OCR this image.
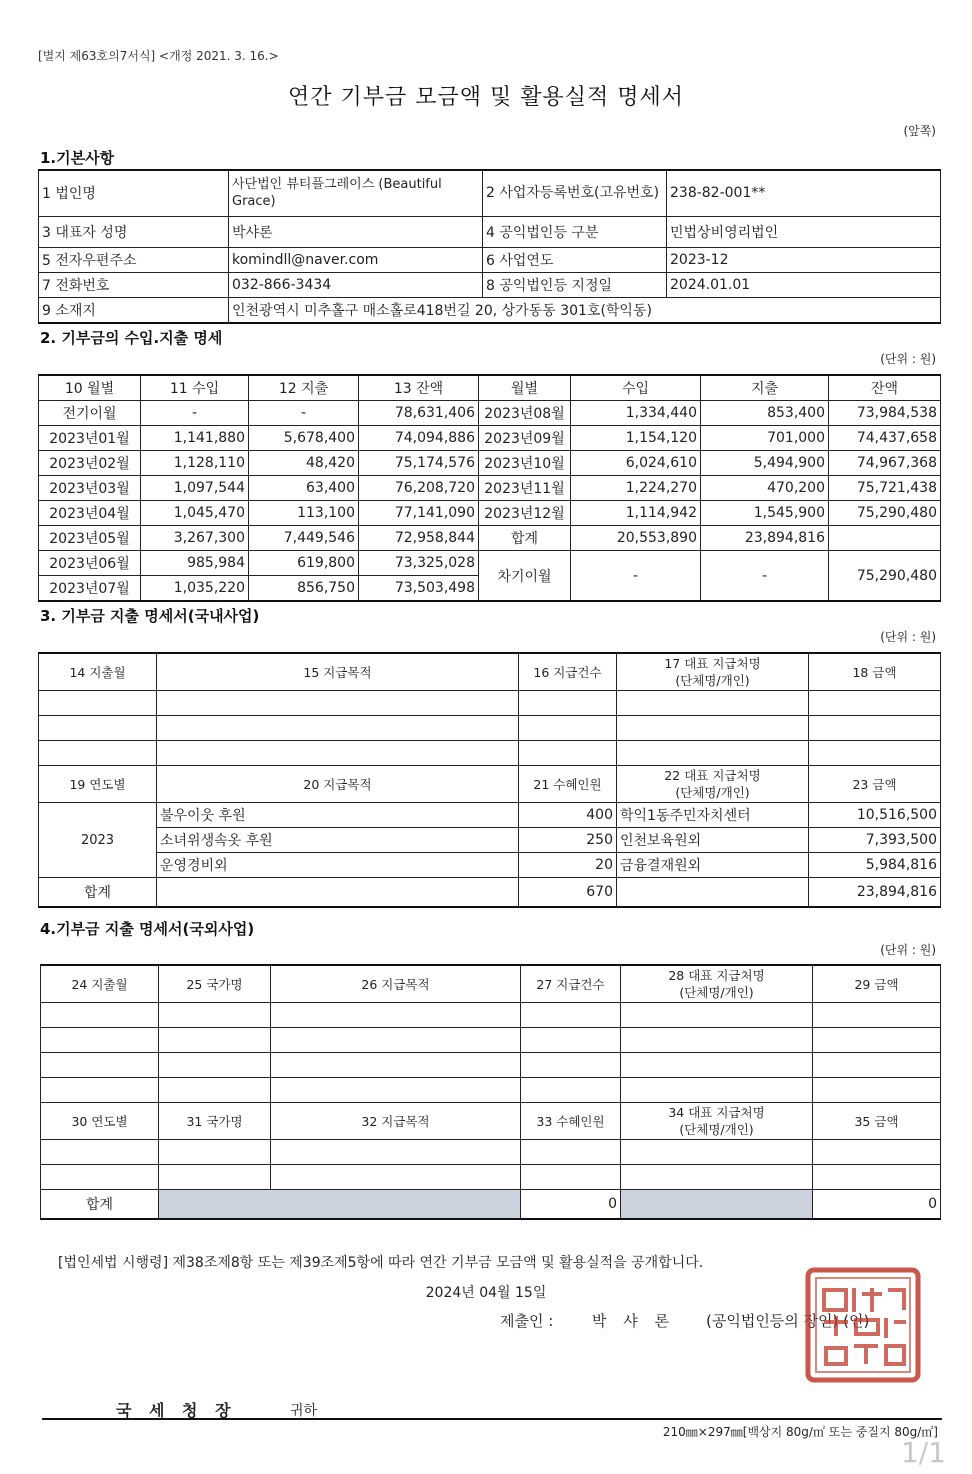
[별지 제63호의7서식] <개정 2021. 3. 16.>
연간 기부금 모금액 및 활용실적 명세서
(앞쪽)
1.기본사항
1 법인명	사단법인 뷰티플그레이스 (Beautiful Grace)	2 사업자등록번호(고유번호)	238-82-001**
3 대표자 성명	박샤론	4 공익법인등 구분	민법상비영리법인
5 전자우편주소	komindll@naver.com	6 사업연도	2023-12
7 전화번호	032-866-3434	8 공익법인등 지정일	2024.01.01
9 소재지	인천광역시 미추홀구 매소홀로418번길 20, 상가동동 301호(학익동)		
2. 기부금의 수입.지출 명세
(단위 : 원)
10 월별	11 수입	12 지출	13 잔액	월별	수입	지출	잔액
전기이월	-	-	78,631,406	2023년08월	1,334,440	853,400	73,984,538
2023년01월	1,141,880	5,678,400	74,094,886	2023년09월	1,154,120	701,000	74,437,658
2023년02월	1,128,110	48,420	75,174,576	2023년10월	6,024,610	5,494,900	74,967,368
2023년03월	1,097,544	63,400	76,208,720	2023년11월	1,224,270	470,200	75,721,438
2023년04월	1,045,470	113,100	77,141,090	2023년12월	1,114,942	1,545,900	75,290,480
2023년05월	3,267,300	7,449,546	72,958,844	합계	20,553,890	23,894,816	
2023년06월	985,984	619,800	73,325,028	차기이월	-	-	75,290,480
2023년07월	1,035,220	856,750	73,503,498				
3. 기부금 지출 명세서(국내사업)
(단위 : 원)
14 지출월	15 지급목적	16 지급건수	17 대표 지급처명
(단체명/개인)	18 금액

19 연도별	20 지급목적	21 수혜인원	22 대표 지급처명
(단체명/개인)	23 금액
2023	불우이웃 후원	400	학익1동주민자치센터	10,516,500
	소녀위생속옷 후원	250	인천보육원외	7,393,500
	운영경비외	20	금융결재원외	5,984,816
합계		670		23,894,816
4.기부금 지출 명세서(국외사업)
(단위 : 원)
24 지출월	25 국가명	26 지급목적	27 지급건수	28 대표 지급처명
(단체명/개인)	29 금액

30 연도별	31 국가명	32 지급목적	33 수혜인원	34 대표 지급처명
(단체명/개인)	35 금액

합계			0		0
[법인세법 시행령] 제38조제8항 또는 제39조제5항에 따라 연간 기부금 모금액 및 활용실적을 공개합니다.
2024년 04월 15일
제출인 :	박 샤 론 (공익법인등의 장인) (인)
국 세 청 장	귀하
210㎜×297㎜[백상지 80g/㎡ 또는 중질지 80g/㎡]
1/1
